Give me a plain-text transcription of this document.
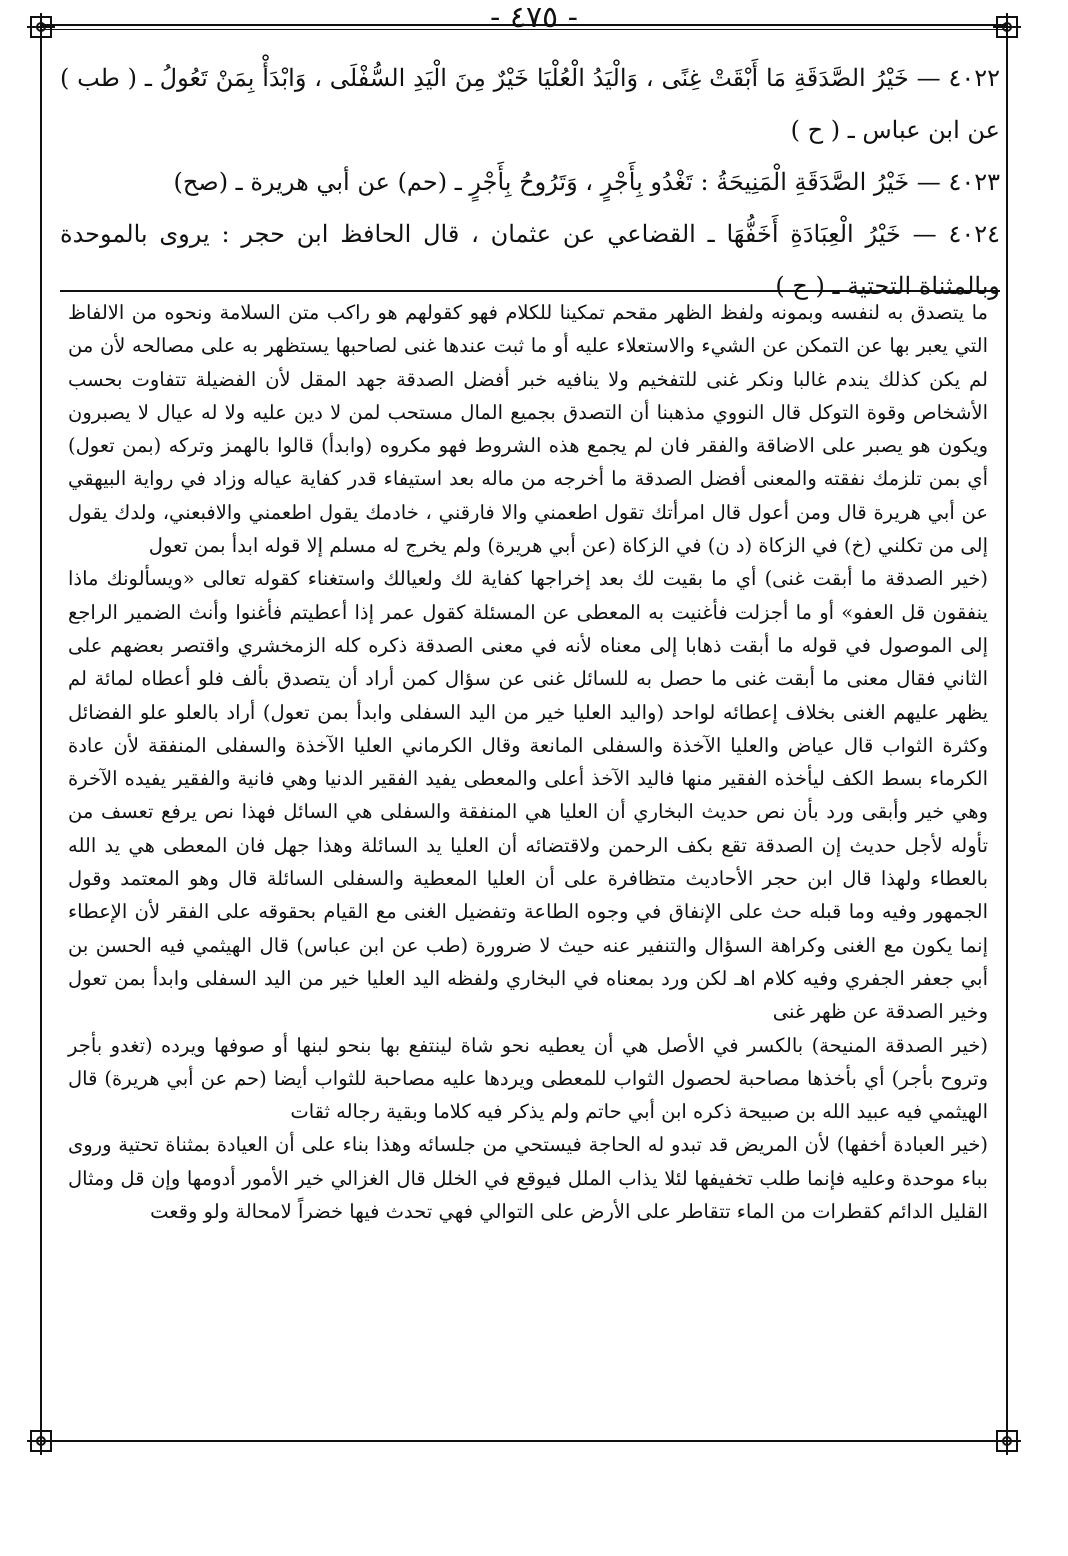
- ٤٧٥ -

٤٠٢٢ — خَيْرُ الصَّدَقَةِ مَا أَبْقَتْ غِنًى ، وَالْيَدُ الْعُلْيَا خَيْرٌ مِنَ الْيَدِ السُّفْلَى ، وَابْدَأْ بِمَنْ تَعُولُ ـ ( طب ) عن ابن عباس ـ ( ح )

٤٠٢٣ — خَيْرُ الصَّدَقَةِ الْمَنِيحَةُ : تَغْدُو بِأَجْرٍ ، وَتَرُوحُ بِأَجْرٍ ـ (حم) عن أبي هريرة ـ (صح)

٤٠٢٤ — خَيْرُ الْعِبَادَةِ أَخَفُّهَا ـ القضاعي عن عثمان ، قال الحافظ ابن حجر : يروى بالموحدة وبالمثناة التحتية ـ ( ح )

ما يتصدق به لنفسه وبمونه ولفظ الظهر مقحم تمكينا للكلام فهو كقولهم هو راكب متن السلامة ونحوه من الالفاظ التي يعبر بها عن التمكن عن الشيء والاستعلاء عليه أو ما ثبت عندها غنى لصاحبها يستظهر به على مصالحه لأن من لم يكن كذلك يندم غالبا ونكر غنى للتفخيم ولا ينافيه خبر أفضل الصدقة جهد المقل لأن الفضيلة تتفاوت بحسب الأشخاص وقوة التوكل قال النووي مذهبنا أن التصدق بجميع المال مستحب لمن لا دين عليه ولا له عيال لا يصبرون ويكون هو يصبر على الاضاقة والفقر فان لم يجمع هذه الشروط فهو مكروه (وابدأ) قالوا بالهمز وتركه (بمن تعول) أي بمن تلزمك نفقته والمعنى أفضل الصدقة ما أخرجه من ماله بعد استيفاء قدر كفاية عياله وزاد في رواية البيهقي عن أبي هريرة قال ومن أعول قال امرأتك تقول اطعمني والا فارقني ، خادمك يقول اطعمني والافبعني، ولدك يقول إلى من تكلني (خ) في الزكاة (د ن) في الزكاة (عن أبي هريرة) ولم يخرج له مسلم إلا قوله ابدأ بمن تعول

(خير الصدقة ما أبقت غنى) أي ما بقيت لك بعد إخراجها كفاية لك ولعيالك واستغناء كقوله تعالى «ويسألونك ماذا ينفقون قل العفو» أو ما أجزلت فأغنيت به المعطى عن المسئلة كقول عمر إذا أعطيتم فأغنوا وأنث الضمير الراجع إلى الموصول في قوله ما أبقت ذهابا إلى معناه لأنه في معنى الصدقة ذكره كله الزمخشري واقتصر بعضهم على الثاني فقال معنى ما أبقت غنى ما حصل به للسائل غنى عن سؤال كمن أراد أن يتصدق بألف فلو أعطاه لمائة لم يظهر عليهم الغنى بخلاف إعطائه لواحد (واليد العليا خير من اليد السفلى وابدأ بمن تعول) أراد بالعلو علو الفضائل وكثرة الثواب قال عياض والعليا الآخذة والسفلى المانعة وقال الكرماني العليا الآخذة والسفلى المنفقة لأن عادة الكرماء بسط الكف ليأخذه الفقير منها فاليد الآخذ أعلى والمعطى يفيد الفقير الدنيا وهي فانية والفقير يفيده الآخرة وهي خير وأبقى ورد بأن نص حديث البخاري أن العليا هي المنفقة والسفلى هي السائل فهذا نص يرفع تعسف من تأوله لأجل حديث إن الصدقة تقع بكف الرحمن ولاقتضائه أن العليا يد السائلة وهذا جهل فان المعطى هي يد الله بالعطاء ولهذا قال ابن حجر الأحاديث متظافرة على أن العليا المعطية والسفلى السائلة قال وهو المعتمد وقول الجمهور وفيه وما قبله حث على الإنفاق في وجوه الطاعة وتفضيل الغنى مع القيام بحقوقه على الفقر لأن الإعطاء إنما يكون مع الغنى وكراهة السؤال والتنفير عنه حيث لا ضرورة (طب عن ابن عباس) قال الهيثمي فيه الحسن بن أبي جعفر الجفري وفيه كلام اهـ لكن ورد بمعناه في البخاري ولفظه اليد العليا خير من اليد السفلى وابدأ بمن تعول وخير الصدقة عن ظهر غنى

(خير الصدقة المنيحة) بالكسر في الأصل هي أن يعطيه نحو شاة لينتفع بها بنحو لبنها أو صوفها ويرده (تغدو بأجر وتروح بأجر) أي بأخذها مصاحبة لحصول الثواب للمعطى ويردها عليه مصاحبة للثواب أيضا (حم عن أبي هريرة) قال الهيثمي فيه عبيد الله بن صبيحة ذكره ابن أبي حاتم ولم يذكر فيه كلاما وبقية رجاله ثقات

(خير العبادة أخفها) لأن المريض قد تبدو له الحاجة فيستحي من جلسائه وهذا بناء على أن العيادة بمثناة تحتية وروى بباء موحدة وعليه فإنما طلب تخفيفها لئلا يذاب الملل فيوقع في الخلل قال الغزالي خير الأمور أدومها وإن قل ومثال القليل الدائم كقطرات من الماء تتقاطر على الأرض على التوالي فهي تحدث فيها خضراً لامحالة ولو وقعت
